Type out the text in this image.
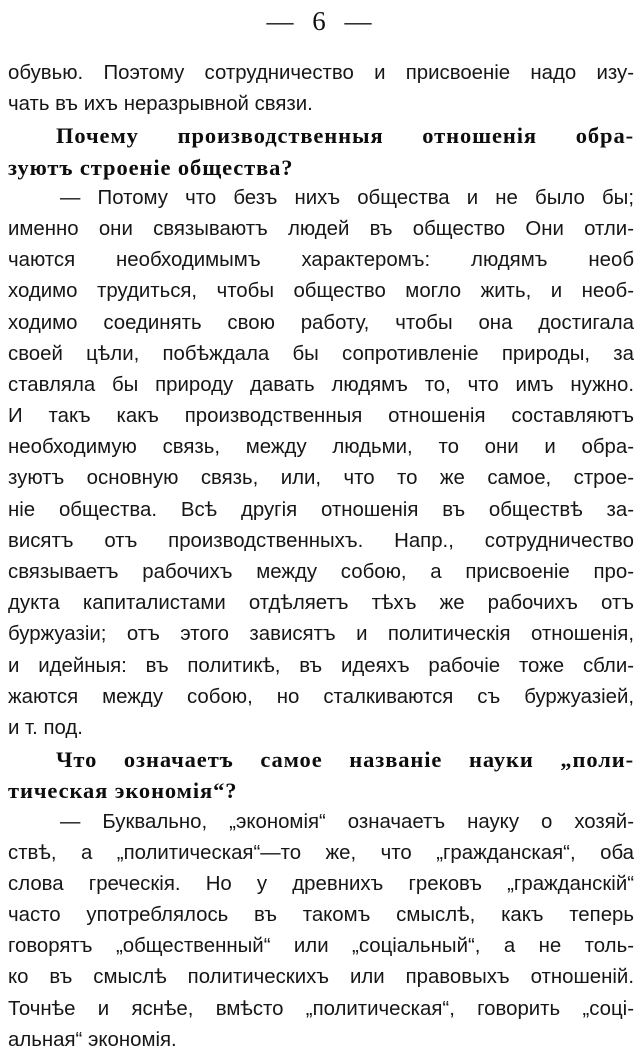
— 6 —
обувью. Поэтому сотрудничество и присвоеніе надо изу-
чать въ ихъ неразрывной связи.
Почему производственныя отношенія обра-
зуютъ строеніе общества?
— Потому что безъ нихъ общества и не было бы;
именно они связываютъ людей въ общество Они отли-
чаются необходимымъ характеромъ: людямъ необ
ходимо трудиться, чтобы общество могло жить, и необ-
ходимо соединять свою работу, чтобы она достигала
своей цѣли, побѣждала бы сопротивленіе природы, за
ставляла бы природу давать людямъ то, что имъ нужно.
И такъ какъ производственныя отношенія составляютъ
необходимую связь, между людьми, то они и обра-
зуютъ основную связь, или, что то же самое, строе-
ніе общества. Всѣ другія отношенія въ обществѣ за-
висятъ отъ производственныхъ. Напр., сотрудничество
связываетъ рабочихъ между собою, а присвоеніе про-
дукта капиталистами отдѣляетъ тѣхъ же рабочихъ отъ
буржуазіи; отъ этого зависятъ и политическія отношенія,
и идейныя: въ политикѣ, въ идеяхъ рабочіе тоже сбли-
жаются между собою, но сталкиваются съ буржуазіей,
и т. под.
Что означаетъ самое названіе науки „поли-
тическая экономія“?
— Буквально, „экономія“ означаетъ науку о хозяй-
ствѣ, а „политическая“—то же, что „гражданская“, оба
слова греческія. Но у древнихъ грековъ „гражданскій“
часто употреблялось въ такомъ смыслѣ, какъ теперь
говорятъ „общественный“ или „соціальный“, а не толь-
ко въ смыслѣ политическихъ или правовыхъ отношеній.
Точнѣе и яснѣе, вмѣсто „политическая“, говорить „соці-
альная“ экономія.
